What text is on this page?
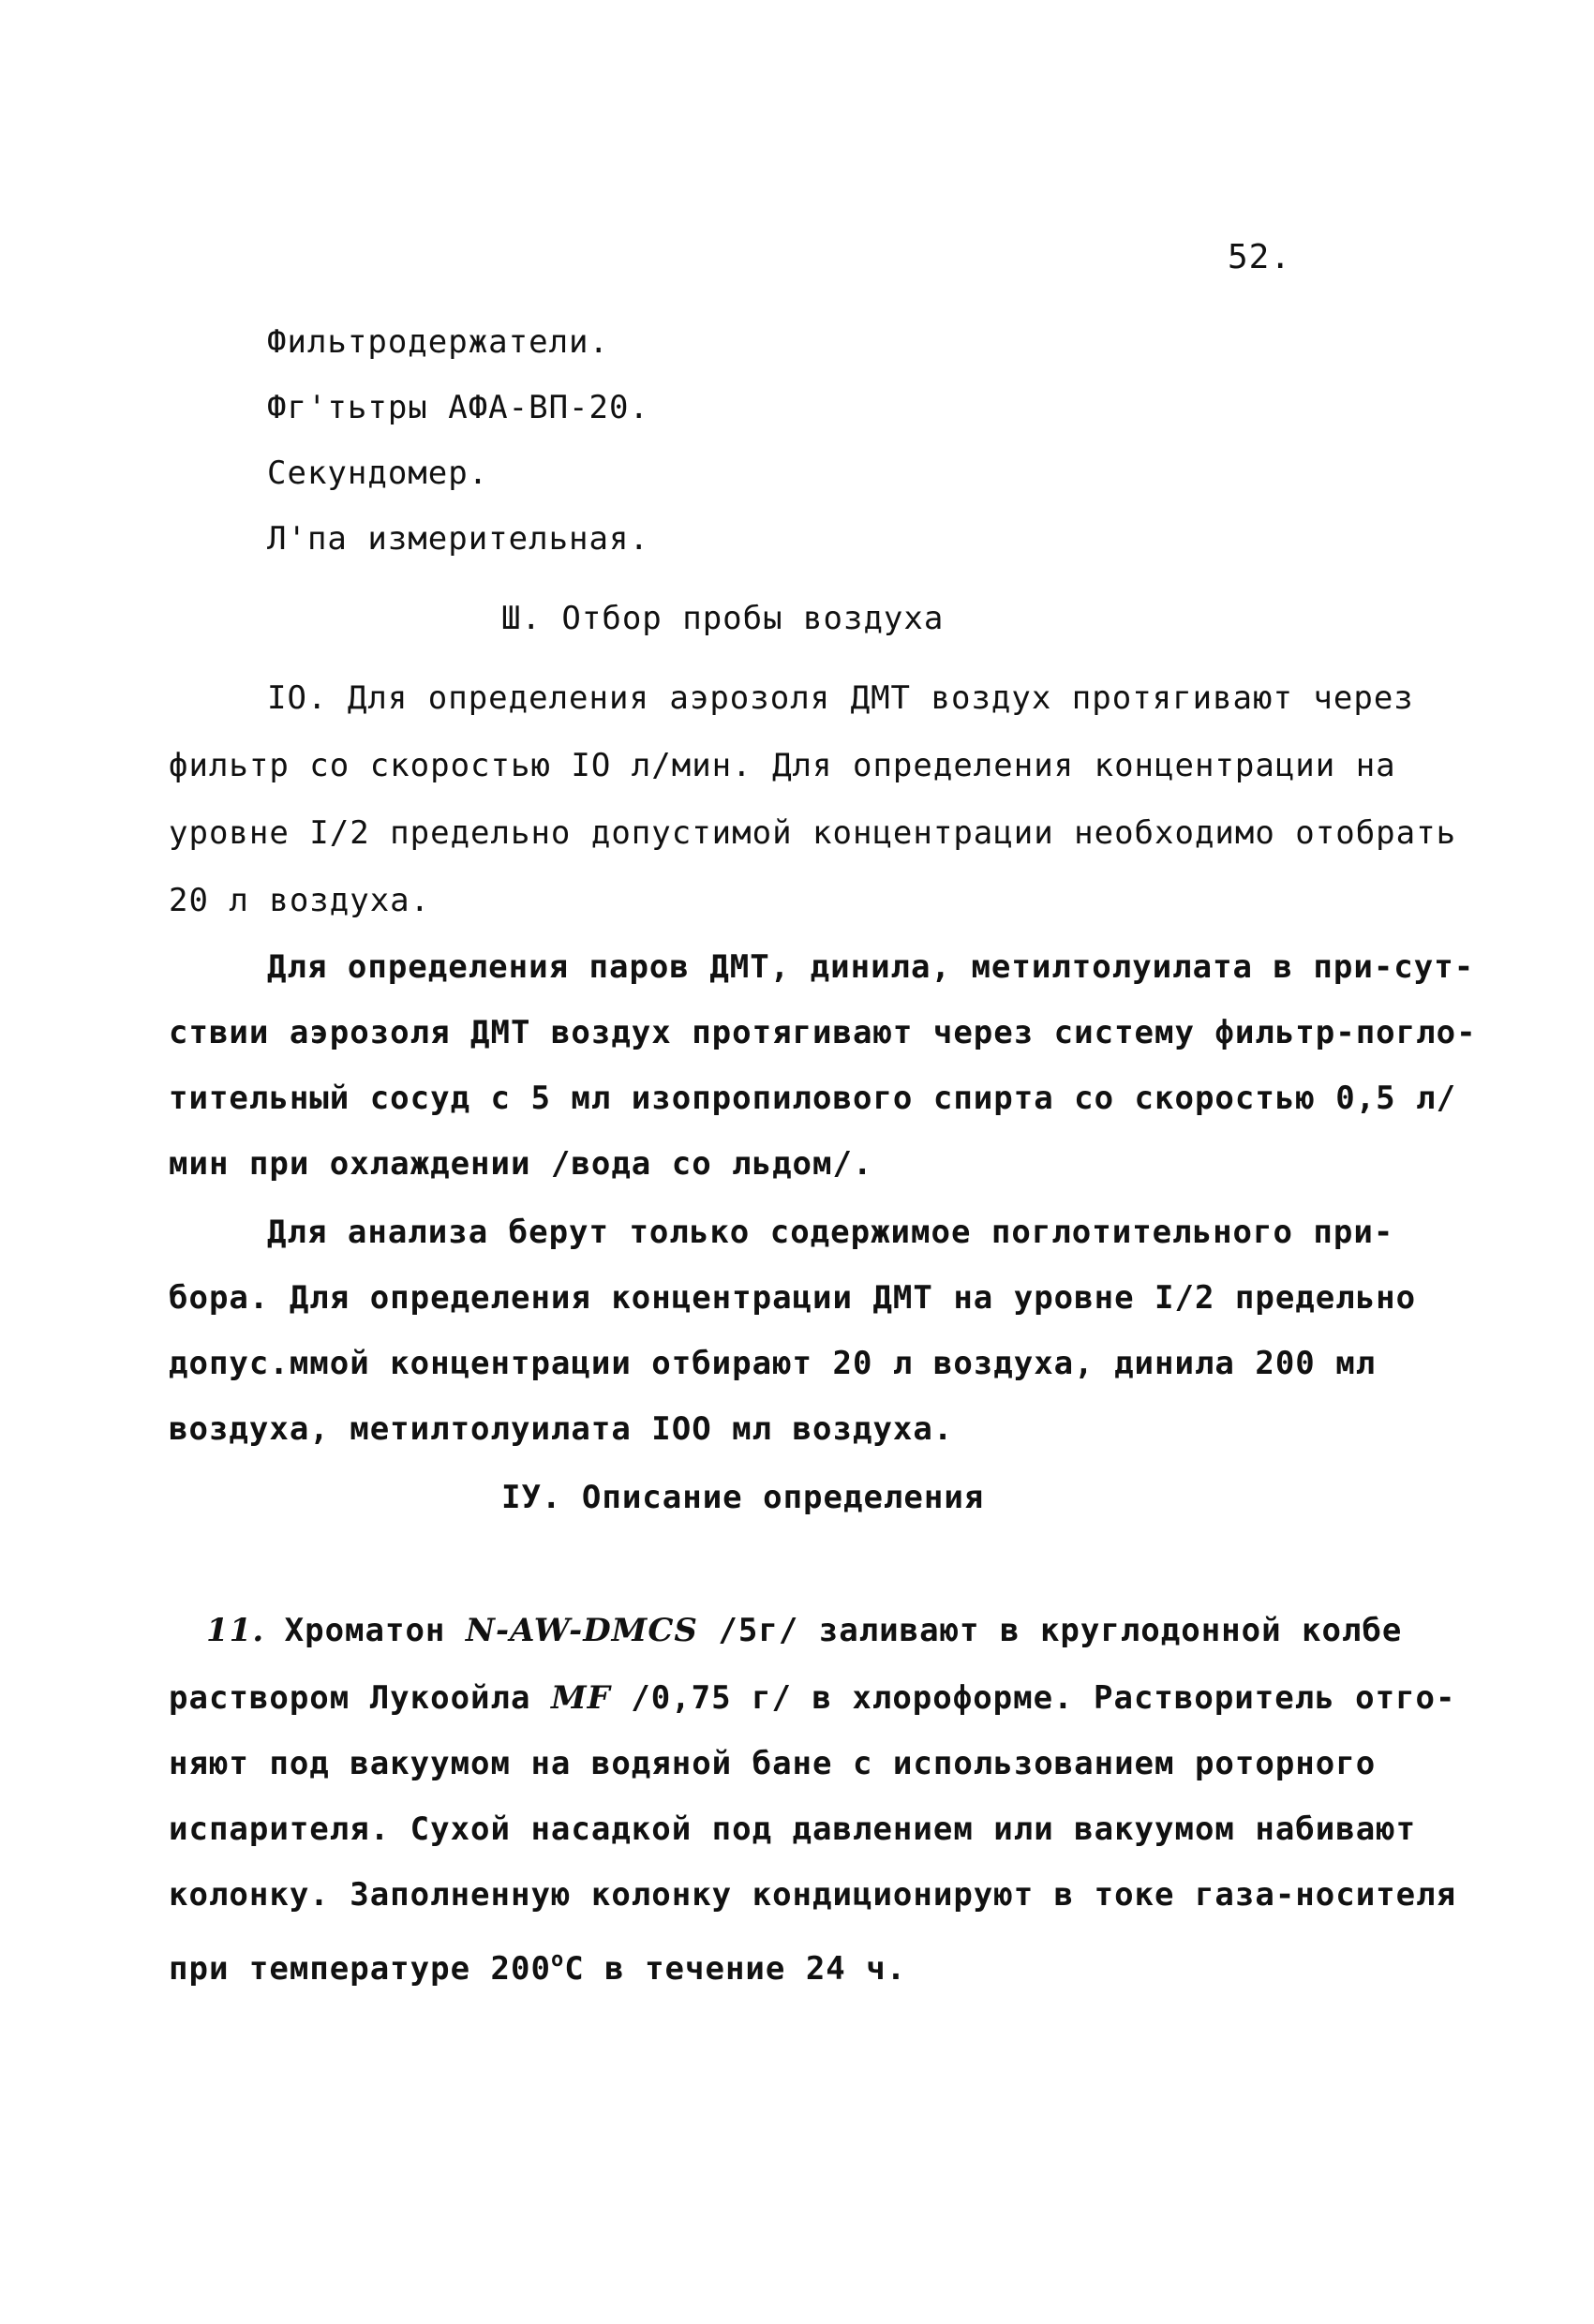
52.
Фильтродержатели.
Фг'тьтры АФА-ВП-20.
Секундомер.
Л'па измерительная.
Ш. Отбор пробы воздуха
IO. Для определения аэрозоля ДМТ воздух протягивают через
фильтр со скоростью IO л/мин. Для определения концентрации на
уровне I/2 предельно допустимой концентрации необходимо отобрать
20 л воздуха.
Для определения паров ДМТ, динила, метилтолуилата в при-сут-
ствии аэрозоля ДМТ воздух протягивают через систему фильтр-погло-
тительный сосуд с 5 мл изопропилового спирта со скоростью 0,5 л/
мин при охлаждении /вода со льдом/.
Для анализа берут только содержимое поглотительного при-
бора. Для определения концентрации ДМТ на уровне I/2 предельно
допус.ммой концентрации отбирают 20 л воздуха, динила 200 мл
воздуха, метилтолуилата IOO мл воздуха.
IУ. Описание определения
11. Хроматон N-AW-DMCS /5г/ заливают в круглодонной колбе
раствором Лукоойла MF /0,75 г/ в хлороформе. Растворитель отго-
няют под вакуумом на водяной бане с использованием роторного
испарителя. Сухой насадкой под давлением или вакуумом набивают
колонку. Заполненную колонку кондиционируют в токе газа-носителя
при температуре $200^оС$ в течение 24 ч.
